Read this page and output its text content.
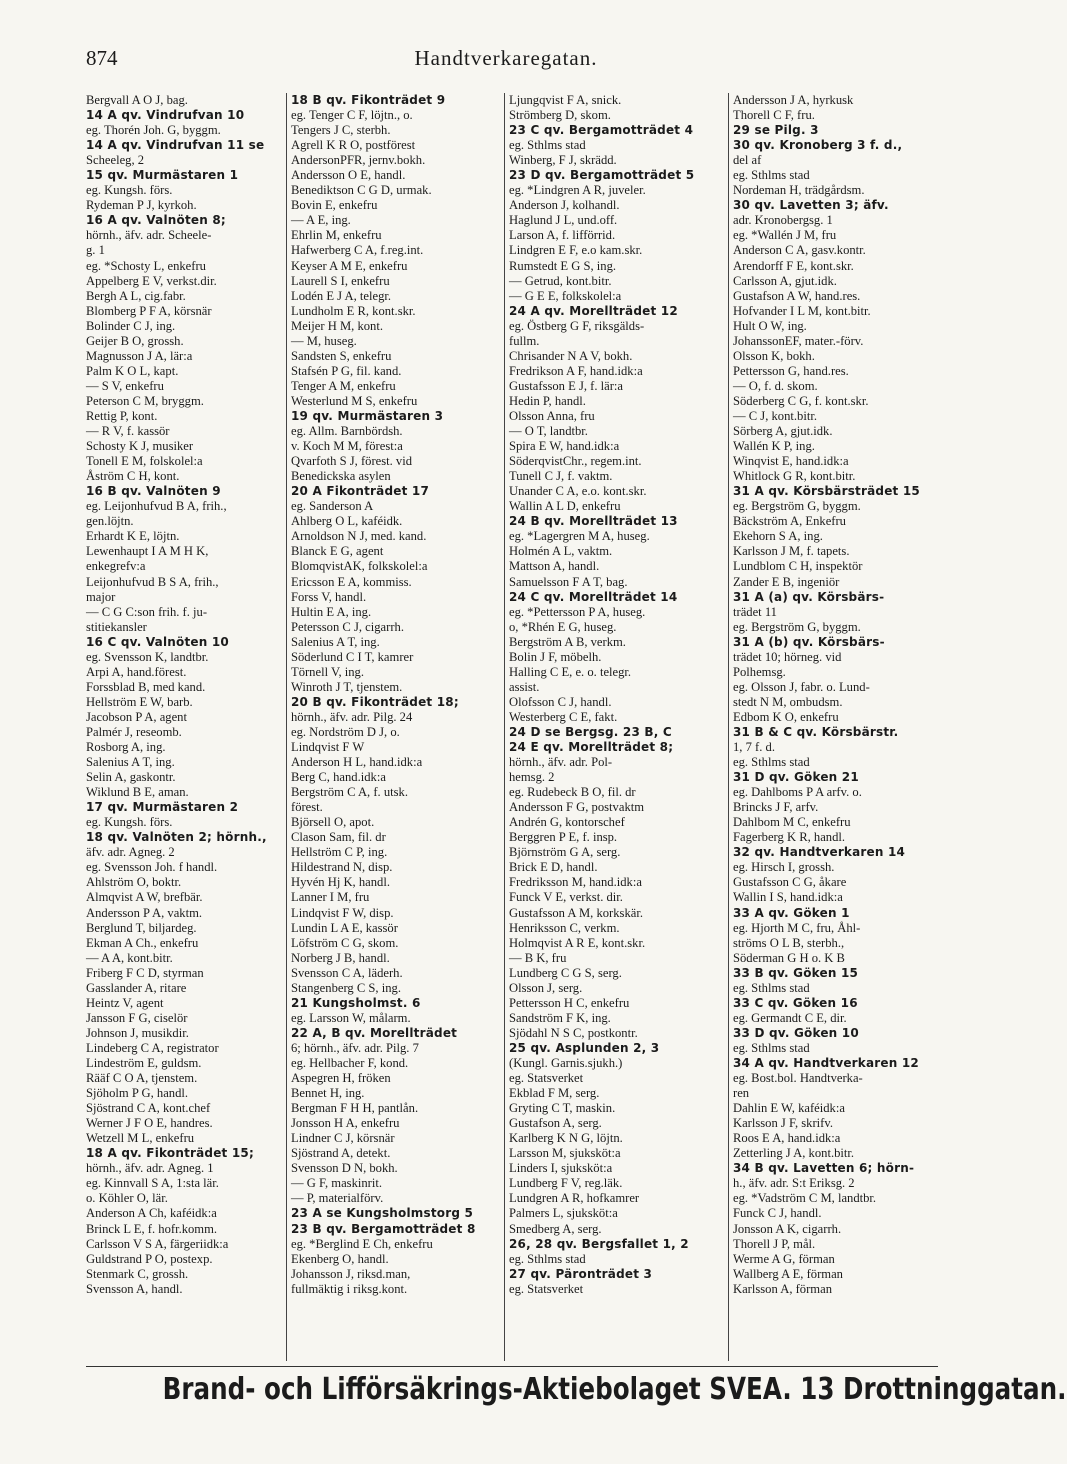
874	Handtverkaregatan.
Bergvall A O J, bag.
14 A qv. Vindrufvan 10
eg. Thorén Joh. G, byggm.
14 A qv. Vindrufvan 11 se
Scheeleg, 2
15 qv. Murmästaren 1
eg. Kungsh. förs.
Rydeman P J, kyrkoh.
16 A qv. Valnöten 8;
hörnh., äfv. adr. Scheele-
g. 1
eg. *Schosty L, enkefru
Appelberg E V, verkst.dir.
Bergh A L, cig.fabr.
Blomberg P F A, körsnär
Bolinder C J, ing.
Geijer B O, grossh.
Magnusson J A, lär:a
Palm K O L, kapt.
— S V, enkefru
Peterson C M, bryggm.
Rettig P, kont.
— R V, f. kassör
Schosty K J, musiker
Tonell E M, folskolel:a
Åström C H, kont.
16 B qv. Valnöten 9
eg. Leijonhufvud B A, frih.,
gen.löjtn.
Erhardt K E, löjtn.
Lewenhaupt I A M H K,
enkegrefv:a
Leijonhufvud B S A, frih.,
major
— C G C:son frih. f. ju-
stitiekansler
16 C qv. Valnöten 10
eg. Svensson K, landtbr.
Arpi A, hand.förest.
Forssblad B, med kand.
Hellström E W, barb.
Jacobson P A, agent
Palmér J, reseomb.
Rosborg A, ing.
Salenius A T, ing.
Selin A, gaskontr.
Wiklund B E, aman.
17 qv. Murmästaren 2
eg. Kungsh. förs.
18 qv. Valnöten 2; hörnh.,
äfv. adr. Agneg. 2
eg. Svensson Joh. f handl.
Ahlström O, boktr.
Almqvist A W, brefbär.
Andersson P A, vaktm.
Berglund T, biljardeg.
Ekman A Ch., enkefru
— A A, kont.bitr.
Friberg F C D, styrman
Gasslander A, ritare
Heintz V, agent
Jansson F G, ciselör
Johnson J, musikdir.
Lindeberg C A, registrator
Lindeström E, guldsm.
Rääf C O A, tjenstem.
Sjöholm P G, handl.
Sjöstrand C A, kont.chef
Werner J F O E, handres.
Wetzell M L, enkefru
18 A qv. Fikonträdet 15;
hörnh., äfv. adr. Agneg. 1
eg. Kinnvall S A, 1:sta lär.
o. Köhler O, lär.
Anderson A Ch, kaféidk:a
Brinck L E, f. hofr.komm.
Carlsson V S A, färgeriidk:a
Guldstrand P O, postexp.
Stenmark C, grossh.
Svensson A, handl.
18 B qv. Fikonträdet 9
eg. Tenger C F, löjtn., o.
Tengers J C, sterbh.
Agrell K R O, postförest
AndersonPFR, jernv.bokh.
Andersson O E, handl.
Benediktson C G D, urmak.
Bovin E, enkefru
— A E, ing.
Ehrlin M, enkefru
Hafwerberg C A, f.reg.int.
Keyser A M E, enkefru
Laurell S I, enkefru
Lodén E J A, telegr.
Lundholm E R, kont.skr.
Meijer H M, kont.
— M, huseg.
Sandsten S, enkefru
Stafsén P G, fil. kand.
Tenger A M, enkefru
Westerlund M S, enkefru
19 qv. Murmästaren 3
eg. Allm. Barnbördsh.
v. Koch M M, förest:a
Qvarfoth S J, förest. vid
Benedickska asylen
20 A Fikonträdet 17
eg. Sanderson A
Ahlberg O L, kaféidk.
Arnoldson N J, med. kand.
Blanck E G, agent
BlomqvistAK, folkskolel:a
Ericsson E A, kommiss.
Forss V, handl.
Hultin E A, ing.
Petersson C J, cigarrh.
Salenius A T, ing.
Söderlund C I T, kamrer
Törnell V, ing.
Winroth J T, tjenstem.
20 B qv. Fikonträdet 18;
hörnh., äfv. adr. Pilg. 24
eg. Nordström D J, o.
Lindqvist F W
Anderson H L, hand.idk:a
Berg C, hand.idk:a
Bergström C A, f. utsk.
förest.
Björsell O, apot.
Clason Sam, fil. dr
Hellström C P, ing.
Hildestrand N, disp.
Hyvén Hj K, handl.
Lanner I M, fru
Lindqvist F W, disp.
Lundin L A E, kassör
Löfström C G, skom.
Norberg J B, handl.
Svensson C A, läderh.
Stangenberg C S, ing.
21 Kungsholmst. 6
eg. Larsson W, målarm.
22 A, B qv. Morellträdet
6; hörnh., äfv. adr. Pilg. 7
eg. Hellbacher F, kond.
Aspegren H, fröken
Bennet H, ing.
Bergman F H H, pantlån.
Jonsson H A, enkefru
Lindner C J, körsnär
Sjöstrand A, detekt.
Svensson D N, bokh.
— G F, maskinrit.
— P, materialförv.
23 A se Kungsholmstorg 5
23 B qv. Bergamotträdet 8
eg. *Berglind E Ch, enkefru
Ekenberg O, handl.
Johansson J, riksd.man,
fullmäktig i riksg.kont.
Ljungqvist F A, snick.
Strömberg D, skom.
23 C qv. Bergamotträdet 4
eg. Sthlms stad
Winberg, F J, skrädd.
23 D qv. Bergamotträdet 5
eg. *Lindgren A R, juveler.
Anderson J, kolhandl.
Haglund J L, und.off.
Larson A, f. lifförrid.
Lindgren E F, e.o kam.skr.
Rumstedt E G S, ing.
— Getrud, kont.bitr.
— G E E, folkskolel:a
24 A qv. Morellträdet 12
eg. Östberg G F, riksgälds-
fullm.
Chrisander N A V, bokh.
Fredrikson A F, hand.idk:a
Gustafsson E J, f. lär:a
Hedin P, handl.
Olsson Anna, fru
— O T, landtbr.
Spira E W, hand.idk:a
SöderqvistChr., regem.int.
Tunell C J, f. vaktm.
Unander C A, e.o. kont.skr.
Wallin A L D, enkefru
24 B qv. Morellträdet 13
eg. *Lagergren M A, huseg.
Holmén A L, vaktm.
Mattson A, handl.
Samuelsson F A T, bag.
24 C qv. Morellträdet 14
eg. *Pettersson P A, huseg.
o, *Rhén E G, huseg.
Bergström A B, verkm.
Bolin J F, möbelh.
Halling C E, e. o. telegr.
assist.
Olofsson C J, handl.
Westerberg C E, fakt.
24 D se Bergsg. 23 B, C
24 E qv. Morellträdet 8;
hörnh., äfv. adr. Pol-
hemsg. 2
eg. Rudebeck B O, fil. dr
Andersson F G, postvaktm
Andrén G, kontorschef
Berggren P E, f. insp.
Björnström G A, serg.
Brick E D, handl.
Fredriksson M, hand.idk:a
Funck V E, verkst. dir.
Gustafsson A M, korkskär.
Henriksson C, verkm.
Holmqvist A R E, kont.skr.
— B K, fru
Lundberg C G S, serg.
Olsson J, serg.
Pettersson H C, enkefru
Sandström F K, ing.
Sjödahl N S C, postkontr.
25 qv. Asplunden 2, 3
(Kungl. Garnis.sjukh.)
eg. Statsverket
Ekblad F M, serg.
Gryting C T, maskin.
Gustafson A, serg.
Karlberg K N G, löjtn.
Larsson M, sjuksköt:a
Linders I, sjuksköt:a
Lundberg F V, reg.läk.
Lundgren A R, hofkamrer
Palmers L, sjuksköt:a
Smedberg A, serg.
26, 28 qv. Bergsfallet 1, 2
eg. Sthlms stad
27 qv. Päronträdet 3
eg. Statsverket
Andersson J A, hyrkusk
Thorell C F, fru.
29 se Pilg. 3
30 qv. Kronoberg 3 f. d.,
del af
eg. Sthlms stad
Nordeman H, trädgårdsm.
30 qv. Lavetten 3; äfv.
adr. Kronobergsg. 1
eg. *Wallén J M, fru
Anderson C A, gasv.kontr.
Arendorff F E, kont.skr.
Carlsson A, gjut.idk.
Gustafson A W, hand.res.
Hofvander I L M, kont.bitr.
Hult O W, ing.
JohanssonEF, mater.-förv.
Olsson K, bokh.
Pettersson G, hand.res.
— O, f. d. skom.
Söderberg C G, f. kont.skr.
— C J, kont.bitr.
Sörberg A, gjut.idk.
Wallén K P, ing.
Winqvist E, hand.idk:a
Whitlock G R, kont.bitr.
31 A qv. Körsbärsträdet 15
eg. Bergström G, byggm.
Bäckström A, Enkefru
Ekehorn S A, ing.
Karlsson J M, f. tapets.
Lundblom C H, inspektör
Zander E B, ingeniör
31 A (a) qv. Körsbärs-
trädet 11
eg. Bergström G, byggm.
31 A (b) qv. Körsbärs-
trädet 10; hörneg. vid
Polhemsg.
eg. Olsson J, fabr. o. Lund-
stedt N M, ombudsm.
Edbom K O, enkefru
31 B & C qv. Körsbärstr.
1, 7 f. d.
eg. Sthlms stad
31 D qv. Göken 21
eg. Dahlboms P A arfv. o.
Brincks J F, arfv.
Dahlbom M C, enkefru
Fagerberg K R, handl.
32 qv. Handtverkaren 14
eg. Hirsch I, grossh.
Gustafsson C G, åkare
Wallin I S, hand.idk:a
33 A qv. Göken 1
eg. Hjorth M C, fru, Åhl-
ströms O L B, sterbh.,
Söderman G H o. K B
33 B qv. Göken 15
eg. Sthlms stad
33 C qv. Göken 16
eg. Germandt C E, dir.
33 D qv. Göken 10
eg. Sthlms stad
34 A qv. Handtverkaren 12
eg. Bost.bol. Handtverka-
ren
Dahlin E W, kaféidk:a
Karlsson J F, skrifv.
Roos E A, hand.idk:a
Zetterling J A, kont.bitr.
34 B qv. Lavetten 6; hörn-
h., äfv. adr. S:t Eriksg. 2
eg. *Vadström C M, landtbr.
Funck C J, handl.
Jonsson A K, cigarrh.
Thorell J P, mål.
Werme A G, förman
Wallberg A E, förman
Karlsson A, förman
Brand- och Lifförsäkrings-Aktiebolaget SVEA. 13 Drottninggatan.
